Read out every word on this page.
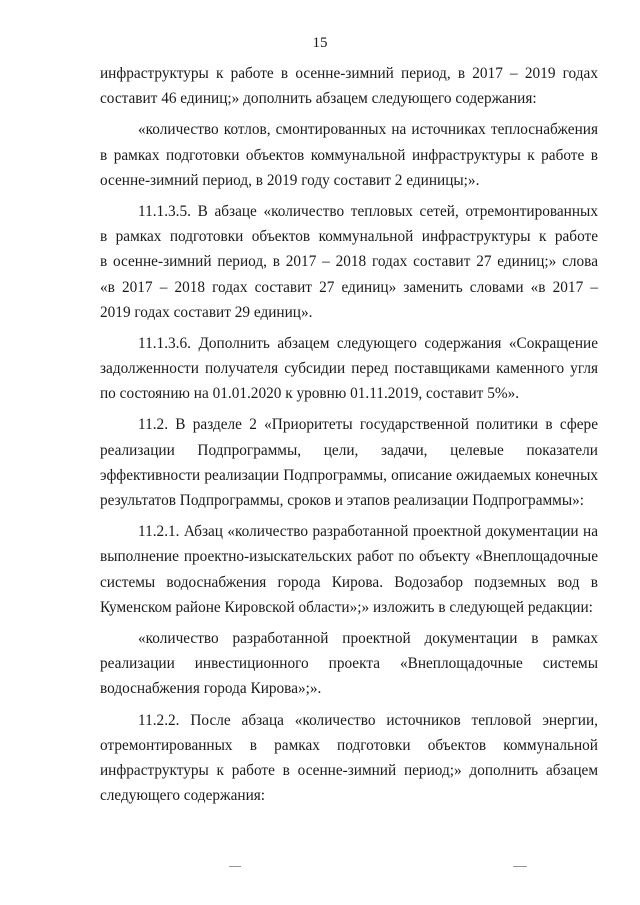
15
инфраструктуры к работе в осенне-зимний период, в 2017 – 2019 годах
составит 46 единиц;» дополнить абзацем следующего содержания:
«количество котлов, смонтированных на источниках теплоснабжения
в рамках подготовки объектов коммунальной инфраструктуры к работе в
осенне-зимний период, в 2019 году составит 2 единицы;».
11.1.3.5. В абзаце «количество тепловых сетей, отремонтированных
в рамках подготовки объектов коммунальной инфраструктуры к работе
в осенне-зимний период, в 2017 – 2018 годах составит 27 единиц;» слова
«в 2017 – 2018 годах составит 27 единиц» заменить словами «в 2017 –
2019 годах составит 29 единиц».
11.1.3.6. Дополнить абзацем следующего содержания «Сокращение
задолженности получателя субсидии перед поставщиками каменного угля
по состоянию на 01.01.2020 к уровню 01.11.2019, составит 5%».
11.2. В разделе 2 «Приоритеты государственной политики в сфере
реализации Подпрограммы, цели, задачи, целевые показатели
эффективности реализации Подпрограммы, описание ожидаемых конечных
результатов Подпрограммы, сроков и этапов реализации Подпрограммы»:
11.2.1. Абзац «количество разработанной проектной документации на
выполнение проектно-изыскательских работ по объекту «Внеплощадочные
системы водоснабжения города Кирова. Водозабор подземных вод в
Куменском районе Кировской области»;» изложить в следующей редакции:
«количество разработанной проектной документации в рамках
реализации инвестиционного проекта «Внеплощадочные системы
водоснабжения города Кирова»;».
11.2.2. После абзаца «количество источников тепловой энергии,
отремонтированных в рамках подготовки объектов коммунальной
инфраструктуры к работе в осенне-зимний период;» дополнить абзацем
следующего содержания:
